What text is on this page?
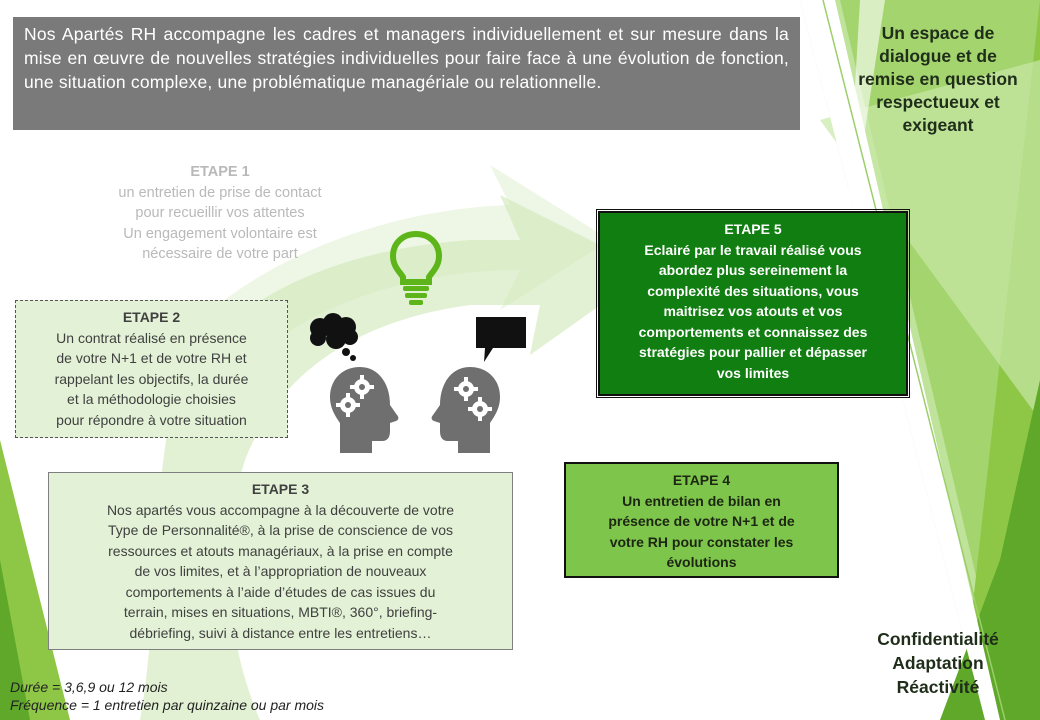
Nos Apartés RH accompagne les cadres et managers individuellement et sur mesure dans la mise en œuvre de nouvelles stratégies individuelles pour faire face à une évolution de fonction, une situation complexe, une problématique managériale ou relationnelle.
Un espace de dialogue et de remise en question respectueux et exigeant
ETAPE 1
un entretien de prise de contact
pour recueillir vos attentes
Un engagement volontaire est
nécessaire de votre part
ETAPE 2
Un contrat réalisé en présence
de votre N+1 et de votre RH et
rappelant les objectifs, la durée
et la méthodologie choisies
pour répondre à votre situation
ETAPE 3
Nos apartés vous accompagne à la découverte de votre
Type de Personnalité®, à la prise de conscience de vos
ressources et atouts managériaux, à la prise en compte
de vos limites, et à l’appropriation de nouveaux
comportements à l’aide d’études de cas issues du
terrain, mises en situations, MBTI®, 360°, briefing-
débriefing, suivi à distance entre les entretiens…
ETAPE 4
Un entretien de bilan en
présence de votre N+1 et de
votre RH pour constater les
évolutions
ETAPE 5
Eclairé par le travail réalisé vous
abordez plus sereinement la
complexité des situations, vous
maitrisez vos atouts et vos
comportements et connaissez des
stratégies pour pallier et dépasser
vos limites
Confidentialité
Adaptation
Réactivité
Durée = 3,6,9 ou 12 mois
Fréquence = 1 entretien par quinzaine ou par mois
